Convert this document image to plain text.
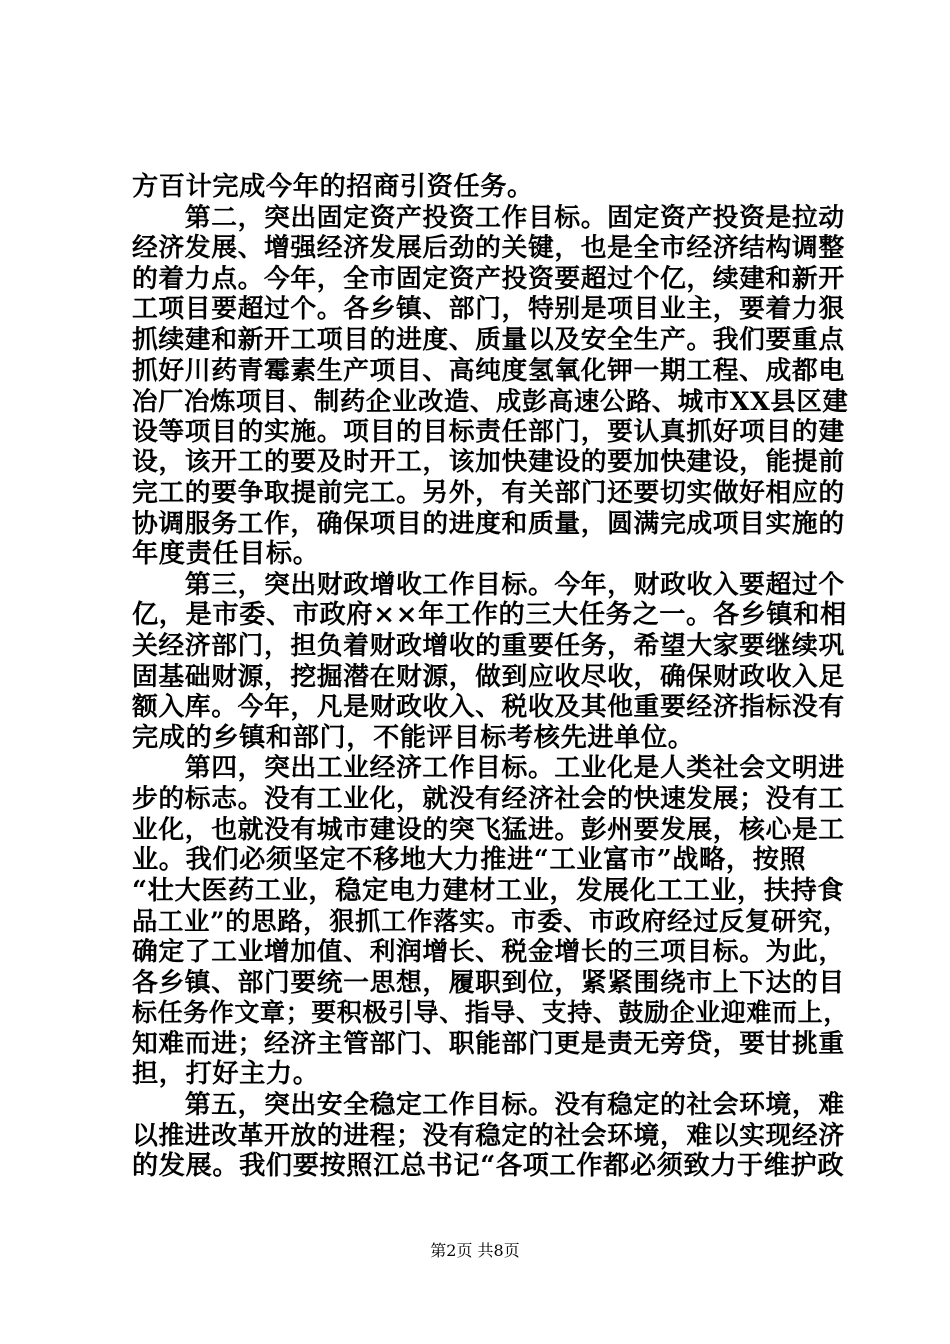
方百计完成今年的招商引资任务。
　　第二，突出固定资产投资工作目标。固定资产投资是拉动
经济发展、增强经济发展后劲的关键，也是全市经济结构调整
的着力点。今年，全市固定资产投资要超过个亿，续建和新开
工项目要超过个。各乡镇、部门，特别是项目业主，要着力狠
抓续建和新开工项目的进度、质量以及安全生产。我们要重点
抓好川药青霉素生产项目、高纯度氢氧化钾一期工程、成都电
冶厂冶炼项目、制药企业改造、成彭高速公路、城市XX县区建
设等项目的实施。项目的目标责任部门，要认真抓好项目的建
设，该开工的要及时开工，该加快建设的要加快建设，能提前
完工的要争取提前完工。另外，有关部门还要切实做好相应的
协调服务工作，确保项目的进度和质量，圆满完成项目实施的
年度责任目标。
　　第三，突出财政增收工作目标。今年，财政收入要超过个
亿，是市委、市政府××年工作的三大任务之一。各乡镇和相
关经济部门，担负着财政增收的重要任务，希望大家要继续巩
固基础财源，挖掘潜在财源，做到应收尽收，确保财政收入足
额入库。今年，凡是财政收入、税收及其他重要经济指标没有
完成的乡镇和部门，不能评目标考核先进单位。
　　第四，突出工业经济工作目标。工业化是人类社会文明进
步的标志。没有工业化，就没有经济社会的快速发展；没有工
业化，也就没有城市建设的突飞猛进。彭州要发展，核心是工
业。我们必须坚定不移地大力推进“工业富市”战略，按照
“壮大医药工业，稳定电力建材工业，发展化工工业，扶持食
品工业”的思路，狠抓工作落实。市委、市政府经过反复研究，
确定了工业增加值、利润增长、税金增长的三项目标。为此，
各乡镇、部门要统一思想，履职到位，紧紧围绕市上下达的目
标任务作文章；要积极引导、指导、支持、鼓励企业迎难而上，
知难而进；经济主管部门、职能部门更是责无旁贷，要甘挑重
担，打好主力。
　　第五，突出安全稳定工作目标。没有稳定的社会环境，难
以推进改革开放的进程；没有稳定的社会环境，难以实现经济
的发展。我们要按照江总书记“各项工作都必须致力于维护政
第2页 共8页
